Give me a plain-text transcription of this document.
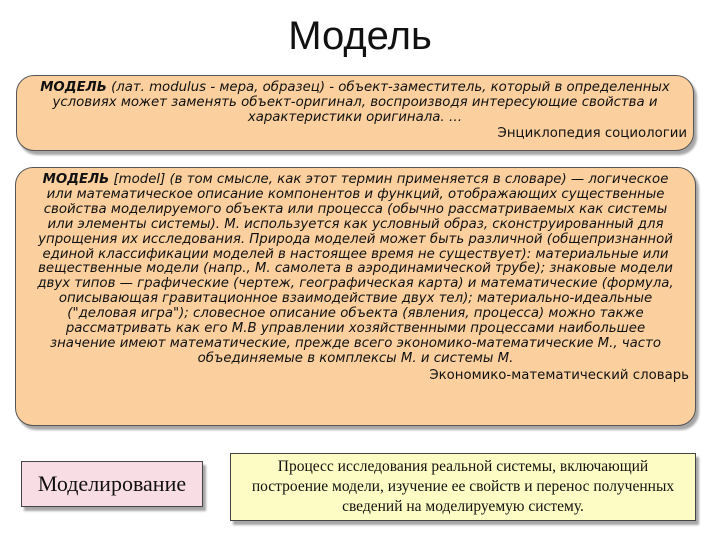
Модель
МОДЕЛЬ (лат. modulus - мера, образец) - объект-заместитель, который в определенных условиях может заменять объект-оригинал, воспроизводя интересующие свойства и характеристики оригинала. …
Энциклопедия социологии
МОДЕЛЬ [model] (в том смысле, как этот термин применяется в словаре) — логическое или математическое описание компонентов и функций, отображающих существенные свойства моделируемого объекта или процесса (обычно рассматриваемых как системы или элементы системы). М. используется как условный образ, сконструированный для упрощения их исследования. Природа моделей может быть различной (общепризнанной единой классификации моделей в настоящее время не существует): материальные или вещественные модели (напр., М. самолета в аэродинамической трубе); знаковые модели двух типов — графические (чертеж, географическая карта) и математические (формула, описывающая гравитационное взаимодействие двух тел); материально-идеальные ("деловая игра"); словесное описание объекта (явления, процесса) можно также рассматривать как его М.В управлении хозяйственными процессами наибольшее значение имеют математические, прежде всего экономико-математические М., часто объединяемые в комплексы М. и системы М.
Экономико-математический словарь
Моделирование
Процесс исследования реальной системы, включающий построение модели, изучение ее свойств и перенос полученных сведений на моделируемую систему.
